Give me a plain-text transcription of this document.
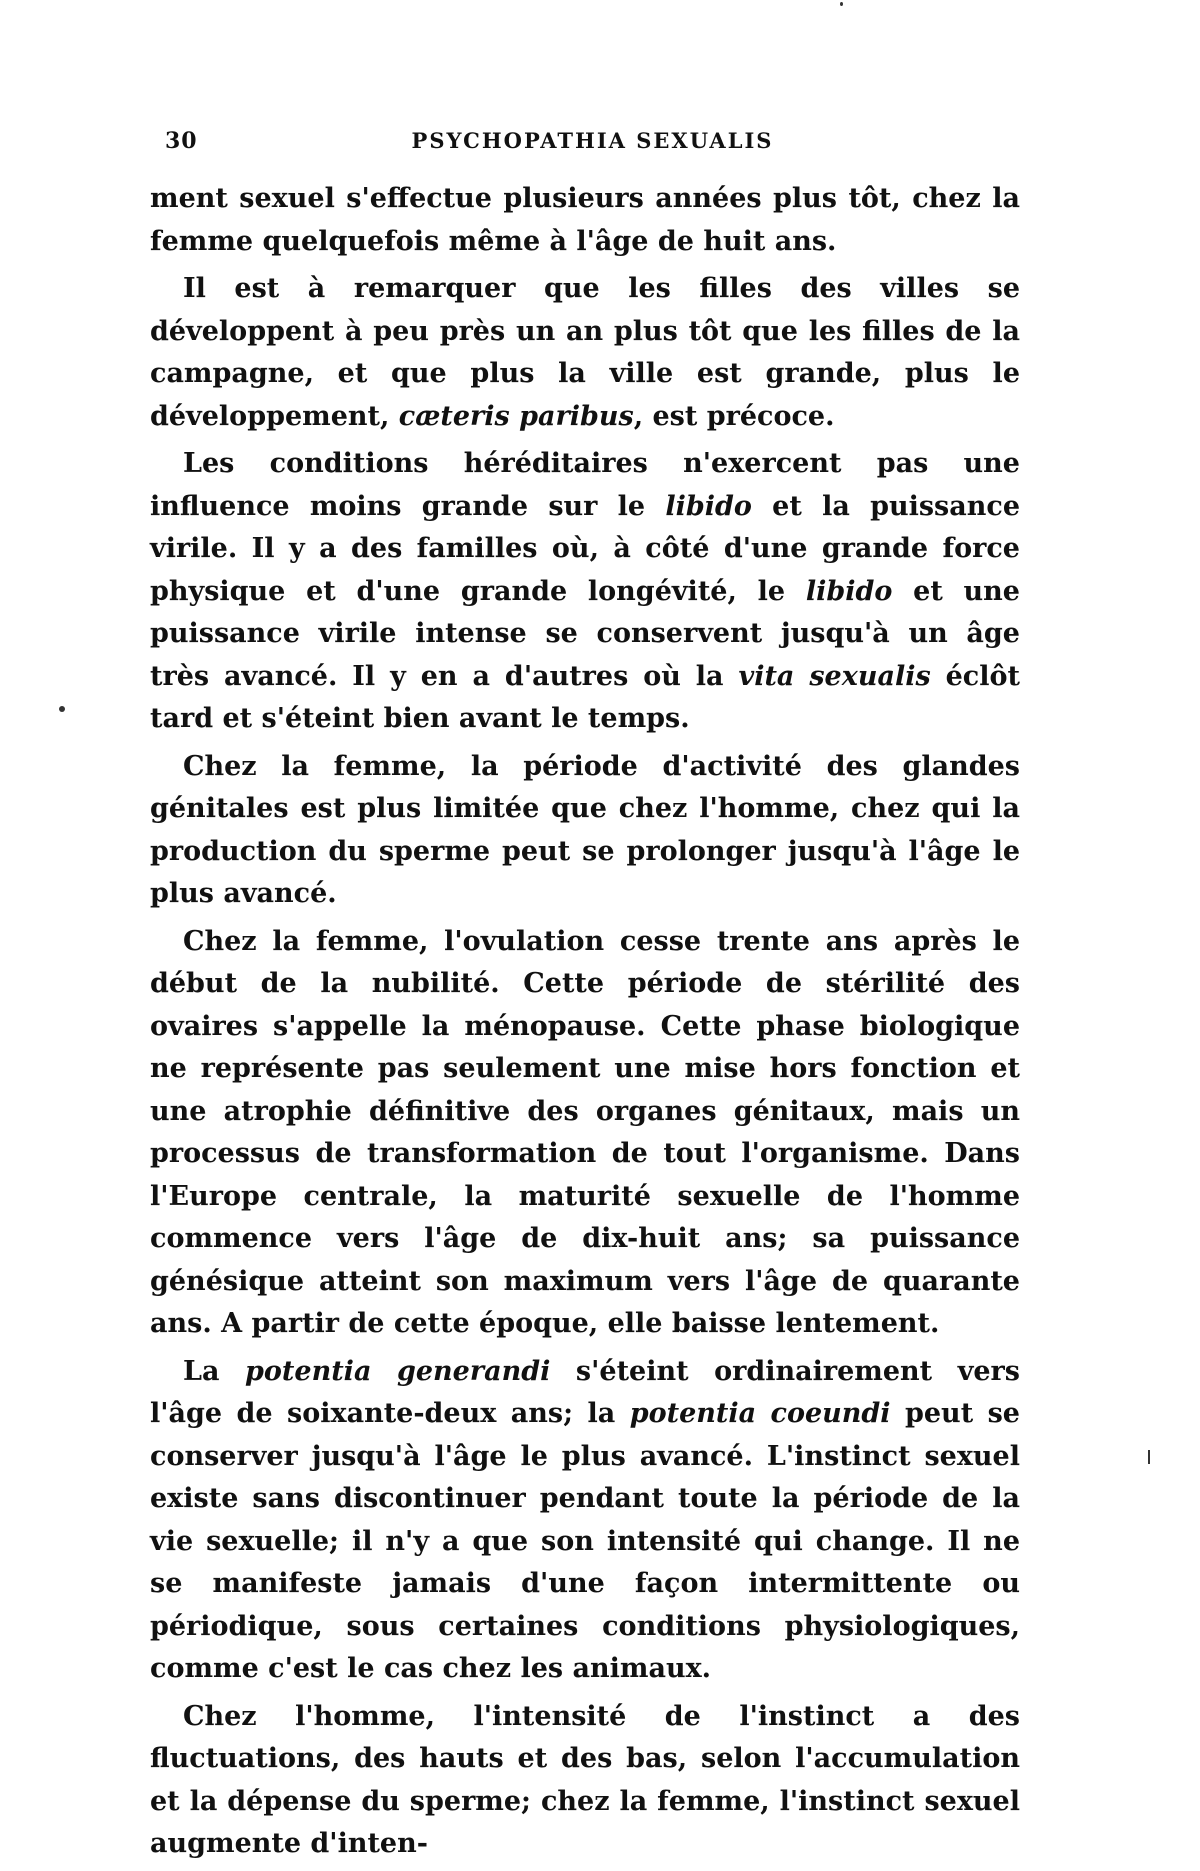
30	PSYCHOPATHIA SEXUALIS

ment sexuel s'effectue plusieurs années plus tôt, chez la femme quelquefois même à l'âge de huit ans.

Il est à remarquer que les filles des villes se développent à peu près un an plus tôt que les filles de la campagne, et que plus la ville est grande, plus le développement, cæteris paribus, est précoce.

Les conditions héréditaires n'exercent pas une influence moins grande sur le libido et la puissance virile. Il y a des familles où, à côté d'une grande force physique et d'une grande longévité, le libido et une puissance virile intense se conservent jusqu'à un âge très avancé. Il y en a d'autres où la vita sexualis éclôt tard et s'éteint bien avant le temps.

Chez la femme, la période d'activité des glandes génitales est plus limitée que chez l'homme, chez qui la production du sperme peut se prolonger jusqu'à l'âge le plus avancé.

Chez la femme, l'ovulation cesse trente ans après le début de la nubilité. Cette période de stérilité des ovaires s'appelle la ménopause. Cette phase biologique ne représente pas seulement une mise hors fonction et une atrophie définitive des organes génitaux, mais un processus de transformation de tout l'organisme. Dans l'Europe centrale, la maturité sexuelle de l'homme commence vers l'âge de dix-huit ans; sa puissance génésique atteint son maximum vers l'âge de quarante ans. A partir de cette époque, elle baisse lentement.

La potentia generandi s'éteint ordinairement vers l'âge de soixante-deux ans; la potentia coeundi peut se conserver jusqu'à l'âge le plus avancé. L'instinct sexuel existe sans discontinuer pendant toute la période de la vie sexuelle; il n'y a que son intensité qui change. Il ne se manifeste jamais d'une façon intermittente ou périodique, sous certaines conditions physiologiques, comme c'est le cas chez les animaux.

Chez l'homme, l'intensité de l'instinct a des fluctuations, des hauts et des bas, selon l'accumulation et la dépense du sperme; chez la femme, l'instinct sexuel augmente d'inten-
